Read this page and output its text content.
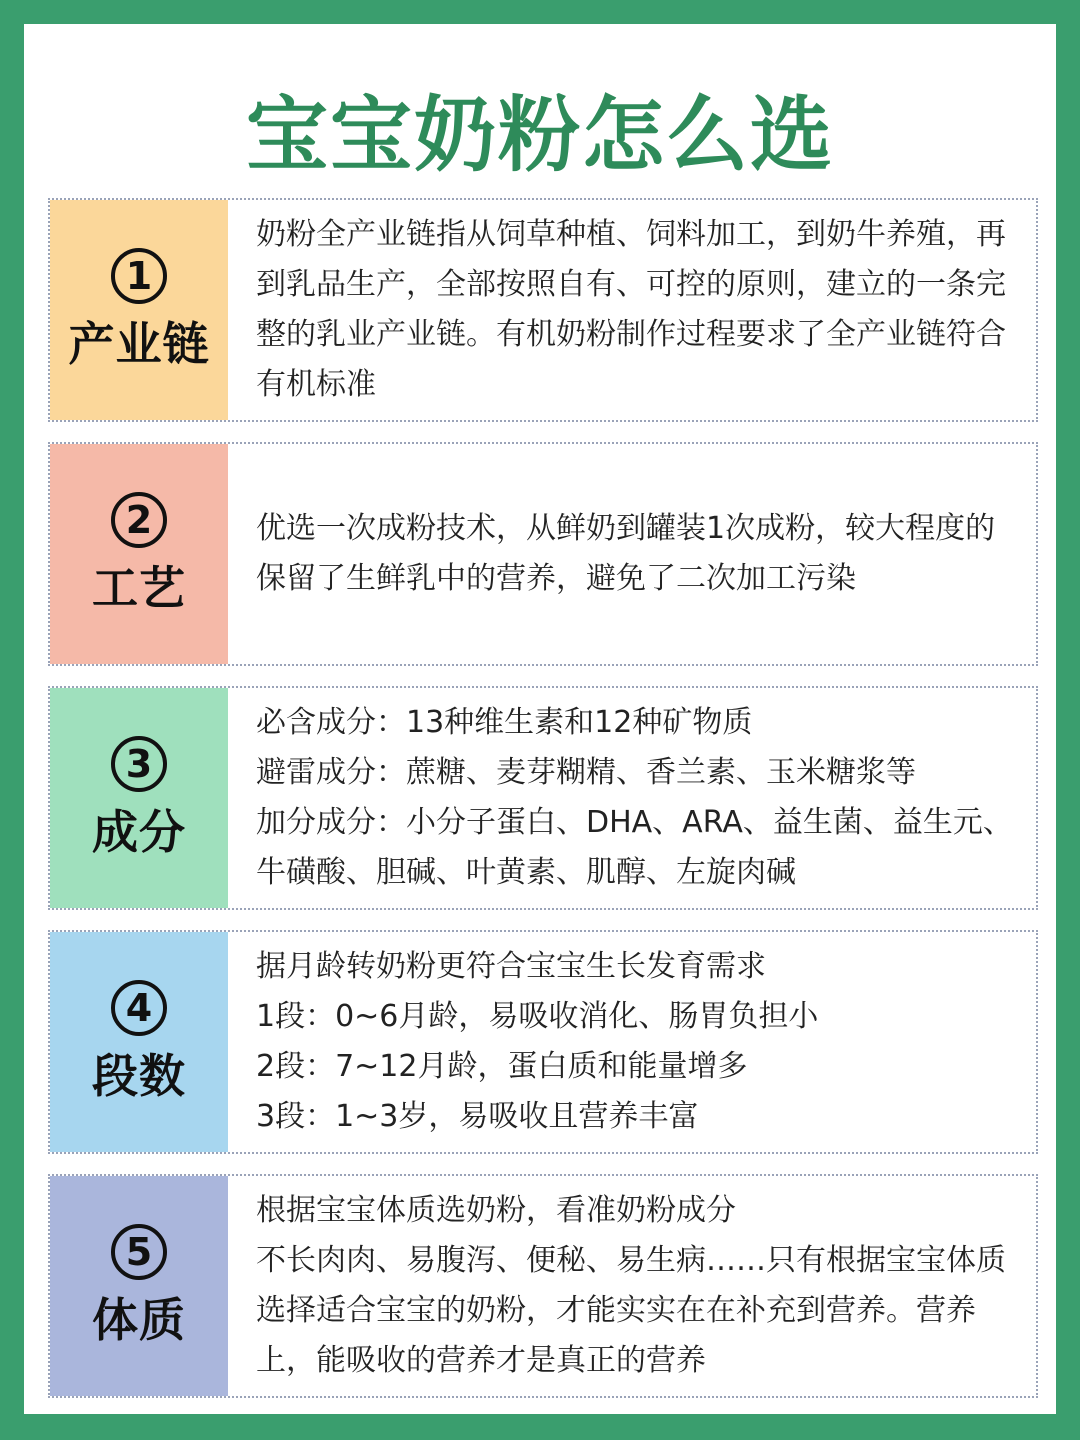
宝宝奶粉怎么选
1
产业链
奶粉全产业链指从饲草种植、饲料加工，到奶牛养殖，再到乳品生产，全部按照自有、可控的原则，建立的一条完整的乳业产业链。有机奶粉制作过程要求了全产业链符合有机标准
2
工艺
优选一次成粉技术，从鲜奶到罐装1次成粉，较大程度的保留了生鲜乳中的营养，避免了二次加工污染
3
成分
必含成分：13种维生素和12种矿物质
避雷成分：蔗糖、麦芽糊精、香兰素、玉米糖浆等
加分成分：小分子蛋白、DHA、ARA、益生菌、益生元、牛磺酸、胆碱、叶黄素、肌醇、左旋肉碱
4
段数
据月龄转奶粉更符合宝宝生长发育需求
1段：0~6月龄，易吸收消化、肠胃负担小
2段：7~12月龄，蛋白质和能量增多
3段：1~3岁，易吸收且营养丰富
5
体质
根据宝宝体质选奶粉，看准奶粉成分
不长肉肉、易腹泻、便秘、易生病……只有根据宝宝体质选择适合宝宝的奶粉，才能实实在在补充到营养。营养上，能吸收的营养才是真正的营养
